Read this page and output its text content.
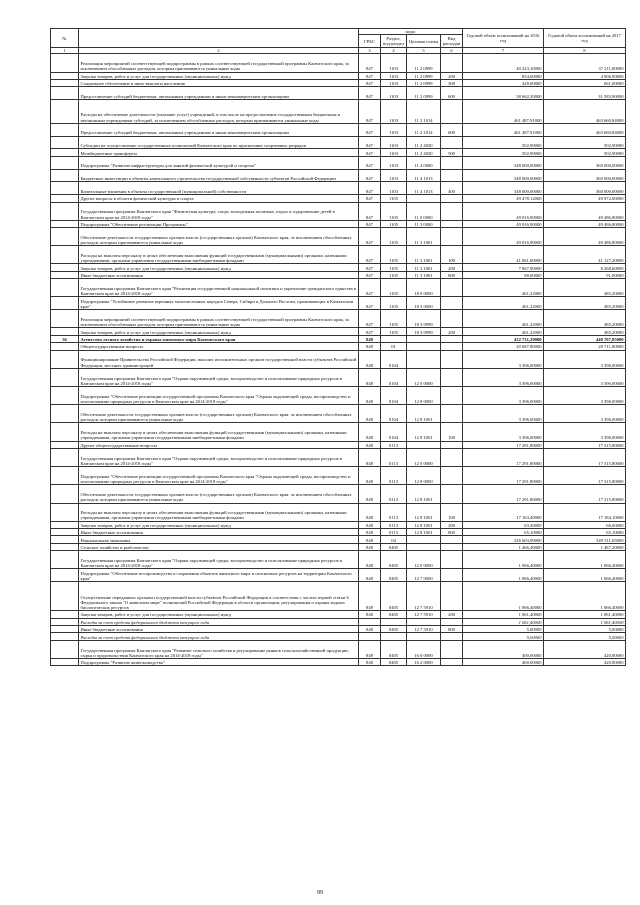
№		коды				Годовой объем ассигнований на 2016 год	Годовой объем ассигнований на 2017 год
		ГРБС	Раздел, под-раздел	Целевая статья	Вид расходов		
1	2	3	4	5	6	7	8
	Реализация мероприятий соответствующей подпрограммы в рамках соответствующей государственной программы Камчатского края, за исключением обособленных расходов, которым присваиваются уникальные коды	847	1103	11 2 0999		40 223,10000	37 211,80000
	Закупка товаров, работ и услуг для государственных (муниципальных) нужд	847	1103	11 2 0999	200	834,60000	4 906,90000
	Социальное обеспечение и иные выплаты населению	847	1103	11 2 0999	300	428,00000	661,00000
	Предоставление субсидий бюджетным, автономным учреждениям и иным некоммерческим организациям	847	1103	11 2 0999	600	38 662,20000	31 583,90000
	Расходы на обеспечение деятельности (оказание услуг) учреждений, в том числе на предоставление государственным бюджетным и автономным учреждениям субсидий, за исключением обособленных расходов, которым присваиваются уникальные коды	847	1103	11 2 1014		461 487,91000	463 660,84000
	Предоставление субсидий бюджетным, автономным учреждениям и иным некоммерческим организациям	847	1103	11 2 1014	600	461 487,91000	463 660,84000
	Субсидии на осуществление государственных полномочий Камчатского края по присвоению спортивных разрядов	847	1103	11 2 4020		502,90000	502,90000
	Межбюджетные трансферты	847	1103	11 2 4020	500	502,90000	502,90000
	Подпрограмма "Развитие инфраструктуры для занятий физической культурой и спортом"	847	1103	11 4 0000		348 000,00000	360 000,00000
	Бюджетные инвестиции в объекты капитального строительства государственной собственности субъектов Российской Федерации	847	1103	11 4 1013		348 000,00000	360 000,00000
	Капитальные вложения в объекты государственной (муниципальной) собственности	847	1103	11 4 1013	400	348 000,00000	360 000,00000
	Другие вопросы в области физической культуры и спорта	847	1105			49 478,12000	49 972,00000
	Государственная программа Камчатского края "Физическая культура, спорт, молодежная политика, отдых и оздоровление детей в Камчатском крае на 2014-2018 годы"	847	1105	11 0 0000		49 016,90000	49 486,80000
	Подпрограмма "Обеспечение реализации Программы"	847	1105	11 3 0000		49 016,90000	49 486,80000
	Обеспечение деятельности государственных органов власти (государственных органов) Камчатского края, за исключением обособленных расходов, которым присваиваются уникальные коды	847	1105	11 3 1001		49 016,90000	49 486,80000
	Расходы на выплаты персоналу в целях обеспечения выполнения функций государственными (муниципальными) органами, казенными учреждениями, органами управления государственными внебюджетными фондами	847	1105	11 3 1001	100	41 061,00000	41 127,20000
	Закупка товаров, работ и услуг для государственных (муниципальных) нужд	847	1105	11 3 1001	200	7 867,90000	8 268,60000
	Иные бюджетные ассигнования	847	1105	11 3 1001	800	88,00000	91,00000
	Государственная программа Камчатского края "Реализация государственной национальной политики и укрепление гражданского единства в Камчатском крае на 2014-2018 годы"	847	1105	18 0 0000		461,22000	485,20000
	Подпрограмма "Устойчивое развитие коренных малочисленных народов Севера, Сибири и Дальнего Востока, проживающих в Камчатском крае"	847	1105	18 3 0000		461,22000	485,20000
	Реализация мероприятий соответствующей подпрограммы в рамках соответствующей государственной программы Камчатского края, за исключением обособленных расходов, которым присваиваются уникальные коды	847	1105	18 3 0999		461,22000	485,20000
	Закупка товаров, работ и услуг для государственных (муниципальных) нужд	847	1105	18 3 0999	200	461,22000	485,20000
36	Агентство лесного хозяйства и охраны животного мира Камчатского края	848				432 731,29000	440 707,85000
	Общегосударственные вопросы	848	01			20 687,80000	20 711,80000
	Функционирование Правительства Российской Федерации, высших исполнительных органов государственной власти субъектов Российской Федерации, местных администраций	848	0104			3 396,00000	3 396,00000
	Государственная программа Камчатского края "Охрана окружающей среды, воспроизводство и использование природных ресурсов в Камчатском крае на 2014-2018 годы"	848	0104	12 0 0000		3 396,00000	3 396,00000
	Подпрограмма "Обеспечение реализации государственной программы Камчатского края "Охрана окружающей среды, воспроизводство и использование природных ресурсов в Камчатском крае на 2014-2018 годы"	848	0104	12 8 0000		3 396,00000	3 396,00000
	Обеспечение деятельности государственных органов власти (государственных органов) Камчатского края, за исключением обособленных расходов, которым присваиваются уникальные коды	848	0104	12 8 1001		3 396,00000	3 396,00000
	Расходы на выплаты персоналу в целях обеспечения выполнения функций государственными (муниципальными) органами, казенными учреждениями, органами управления государственными внебюджетными фондами	848	0104	12 8 1001	100	3 396,00000	3 396,00000
	Другие общегосударственные вопросы	848	0113			17 291,80000	17 315,80000
	Государственная программа Камчатского края "Охрана окружающей среды, воспроизводство и использование природных ресурсов в Камчатском крае на 2014-2018 годы"	848	0113	12 0 0000		17 291,80000	17 315,80000
	Подпрограмма "Обеспечение реализации государственной программы Камчатского края "Охрана окружающей среды, воспроизводство и использование природных ресурсов в Камчатском крае на 2014-2018 годы"	848	0113	12 8 0000		17 291,80000	17 315,80000
	Обеспечение деятельности государственных органов власти (государственных органов) Камчатского края, за исключением обособленных расходов, которым присваиваются уникальные коды	848	0113	12 8 1001		17 291,80000	17 315,80000
	Расходы на выплаты персоналу в целях обеспечения выполнения функций государственными (муниципальными) органами, казенными учреждениями, органами управления государственными внебюджетными фондами	848	0113	12 8 1001	100	17 163,40000	17 184,10000
	Закупка товаров, работ и услуг для государственных (муниципальных) нужд	848	0113	12 8 1001	200	63,30000	66,60000
	Иные бюджетные ассигнования	848	0113	12 8 1001	800	65,10000	65,10000
	Национальная экономика	848	04			326 603,09000	349 311,65000
	Сельское хозяйство и рыболовство	848	0405			1 466,40000	1 487,20000
	Государственная программа Камчатского края "Охрана окружающей среды, воспроизводство и использование природных ресурсов в Камчатском крае на 2014-2018 годы"	848	0405	12 0 0000		1 066,40000	1 066,40000
	Подпрограмма "Обеспечение воспроизводства и сохранения объектов животного мира и охотничьих ресурсов на территории Камчатского края"	848	0405	12 7 0000		1 066,40000	1 066,40000
	Осуществление переданных органам государственной власти субъектов Российской Федерации в соответствии с частью первой статьи 6 Федерального закона "О животном мире" полномочий Российской Федерации в области организации, регулирования и охраны водных биологических ресурсов	848	0405	12 7 5910		1 066,40000	1 066,40000
	Закупка товаров, работ и услуг для государственных (муниципальных) нужд	848	0405	12 7 5910	200	1 061,40000	1 061,40000
	Расходы за счет средств федерального бюджета текущего года					1 061,40000	1 061,40000
	Иные бюджетные ассигнования	848	0405	12 7 5910	800	5,00000	5,00000
	Расходы за счет средств федерального бюджета текущего года					5,00000	5,00000
	Государственная программа Камчатского края "Развитие сельского хозяйства и регулирование рынков сельскохозяйственной продукции, сырья и продовольствия Камчатского края на 2014-2018 годы"	848	0405	16 0 0000		400,00000	420,80000
	Подпрограмма "Развитие животноводства"	848	0405	16 2 0000		400,00000	420,80000
99
